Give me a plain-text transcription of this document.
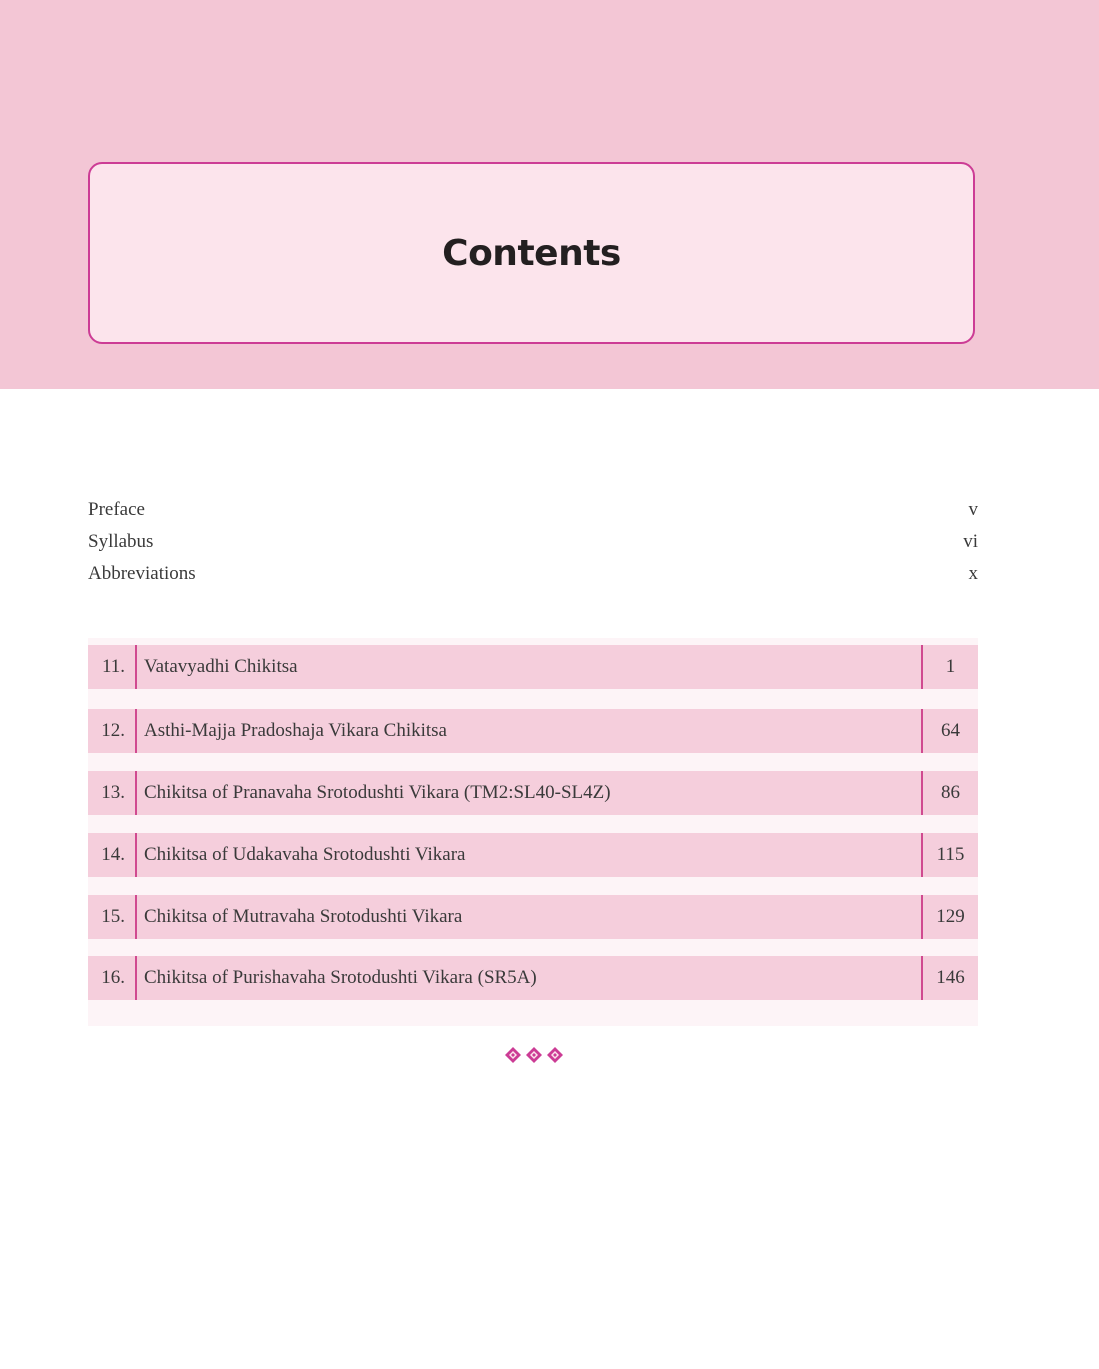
Contents
Preface	v
Syllabus	vi
Abbreviations	x
11.	Vatavyadhi Chikitsa	1
12.	Asthi-Majja Pradoshaja Vikara Chikitsa	64
13.	Chikitsa of Pranavaha Srotodushti Vikara (TM2:SL40-SL4Z)	86
14.	Chikitsa of Udakavaha Srotodushti Vikara	115
15.	Chikitsa of Mutravaha Srotodushti Vikara	129
16.	Chikitsa of Purishavaha Srotodushti Vikara (SR5A)	146
